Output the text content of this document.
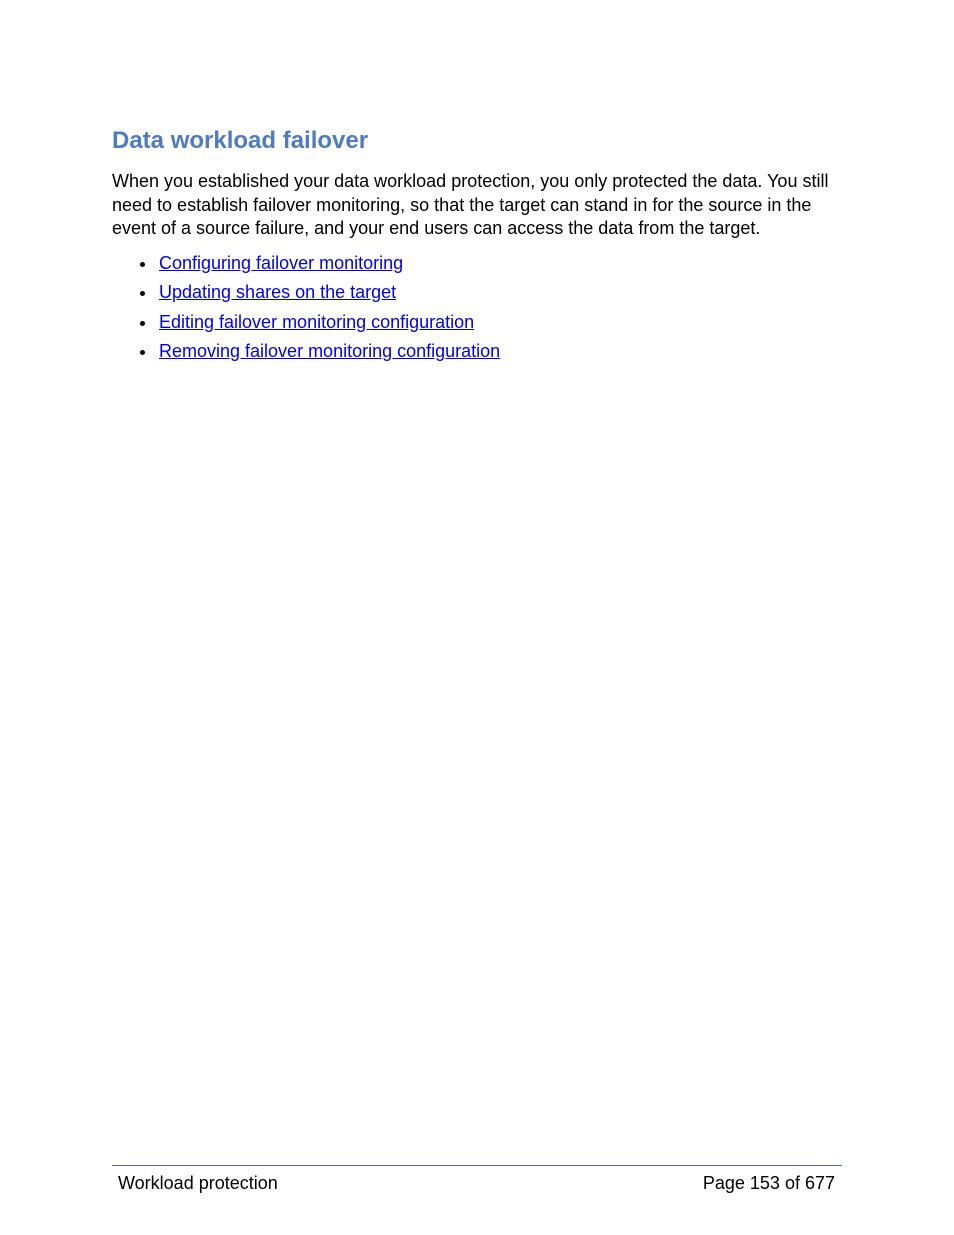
Data workload failover

When you established your data workload protection, you only protected the data. You still need to establish failover monitoring, so that the target can stand in for the source in the event of a source failure, and your end users can access the data from the target.

Configuring failover monitoring
Updating shares on the target
Editing failover monitoring configuration
Removing failover monitoring configuration
Workload protection	Page 153 of 677
